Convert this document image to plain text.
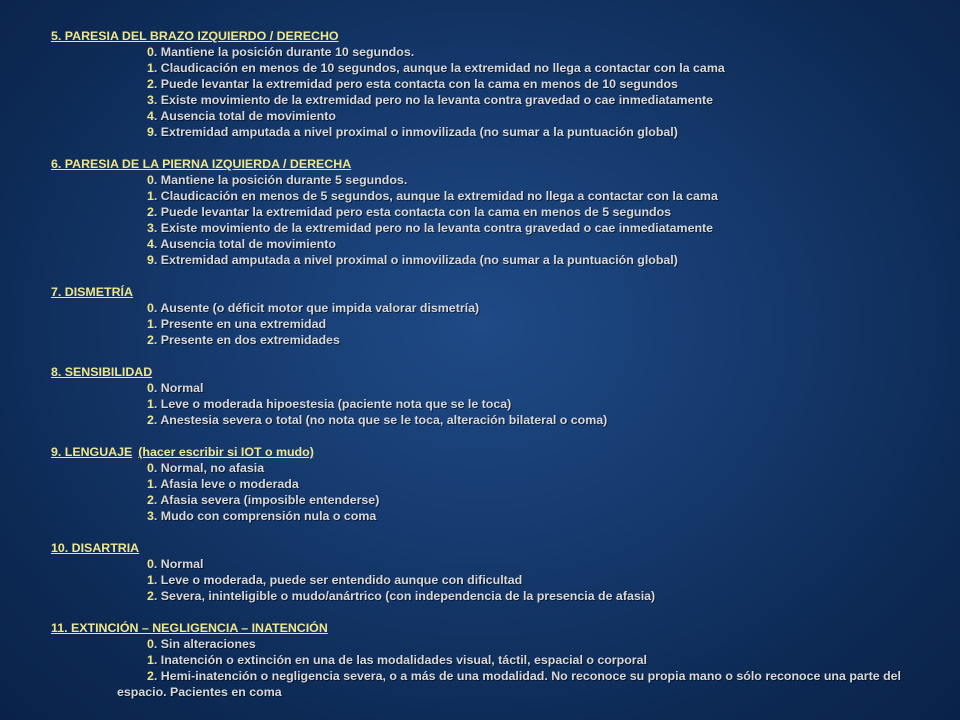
5. PARESIA DEL BRAZO IZQUIERDO / DERECHO
0. Mantiene la posición durante 10 segundos.
1. Claudicación en menos de 10 segundos, aunque la extremidad no llega a contactar con la cama
2. Puede levantar la extremidad pero esta contacta con la cama en menos de 10 segundos
3. Existe movimiento de la extremidad pero no la levanta contra gravedad o cae inmediatamente
4. Ausencia total de movimiento
9. Extremidad amputada a nivel proximal o inmovilizada (no sumar a la puntuación global)
6. PARESIA DE LA PIERNA IZQUIERDA / DERECHA
0. Mantiene la posición durante 5 segundos.
1. Claudicación en menos de 5 segundos, aunque la extremidad no llega a contactar con la cama
2. Puede levantar la extremidad pero esta contacta con la cama en menos de 5 segundos
3. Existe movimiento de la extremidad pero no la levanta contra gravedad o cae inmediatamente
4. Ausencia total de movimiento
9. Extremidad amputada a nivel proximal o inmovilizada (no sumar a la puntuación global)
7. DISMETRÍA
0. Ausente (o déficit motor que impida valorar dismetría)
1. Presente en una extremidad
2. Presente en dos extremidades
8. SENSIBILIDAD
0. Normal
1. Leve o moderada hipoestesia (paciente nota que se le toca)
2. Anestesia severa o total (no nota que se le toca, alteración bilateral o coma)
9. LENGUAJE (hacer escribir si IOT o mudo)
0. Normal, no afasia
1. Afasia leve o moderada
2. Afasia severa (imposible entenderse)
3. Mudo con comprensión nula o coma
10. DISARTRIA
0. Normal
1. Leve o moderada, puede ser entendido aunque con dificultad
2. Severa, ininteligible o mudo/anártrico (con independencia de la presencia de afasia)
11. EXTINCIÓN – NEGLIGENCIA – INATENCIÓN
0. Sin alteraciones
1. Inatención o extinción en una de las modalidades visual, táctil, espacial o corporal
2. Hemi-inatención o negligencia severa, o a más de una modalidad. No reconoce su propia mano o sólo reconoce una parte del espacio. Pacientes en coma
